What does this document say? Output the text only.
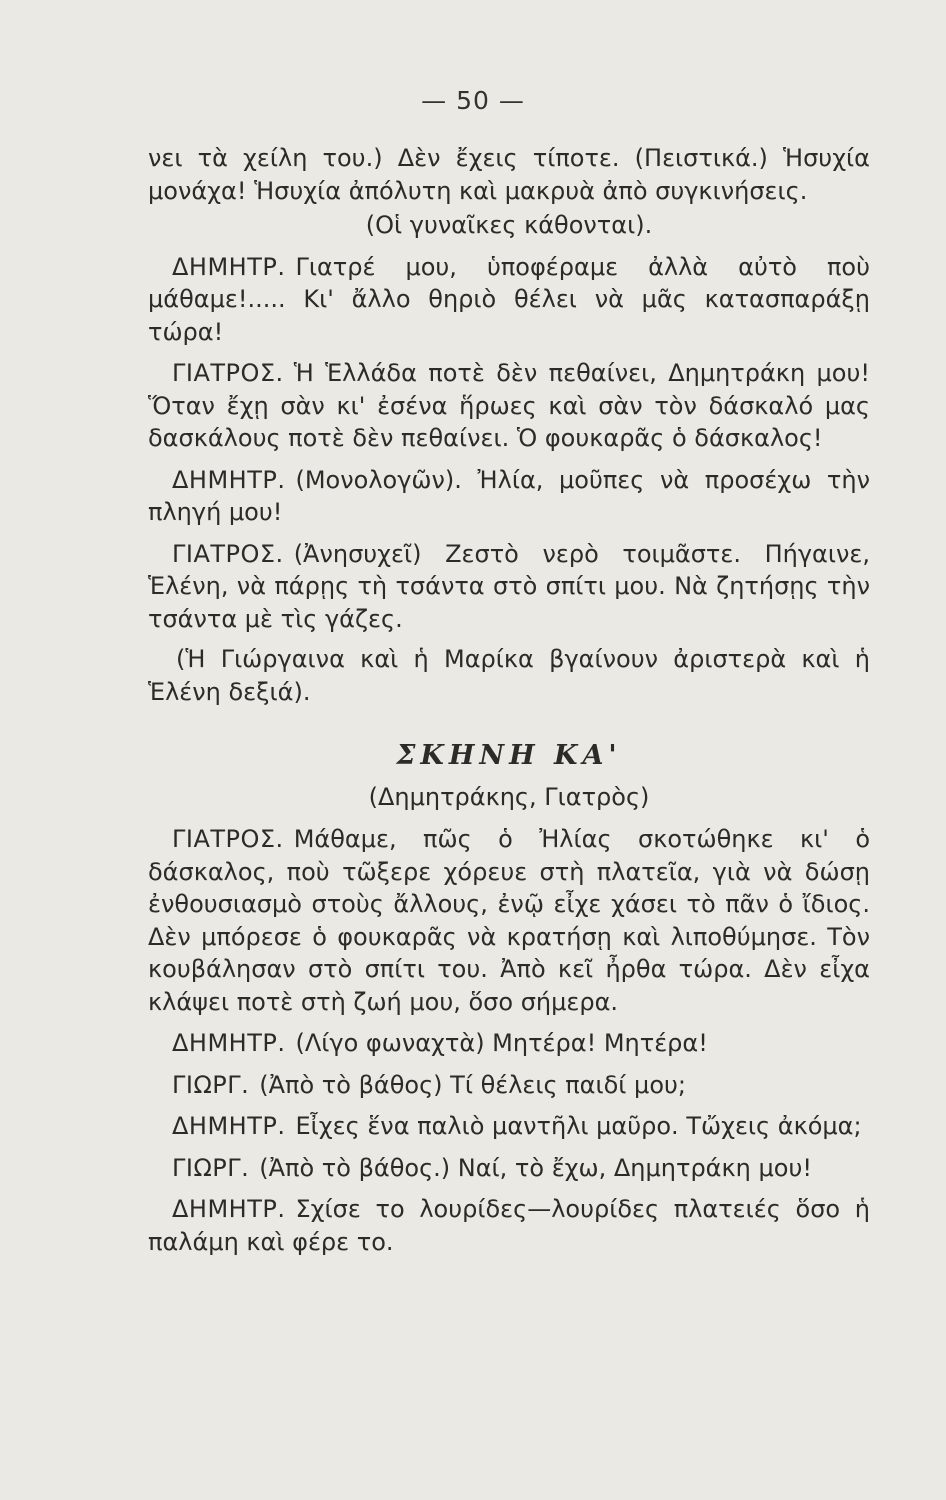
— 50 —

νει τὰ χείλη του.) Δὲν ἔχεις τίποτε. (Πειστικά.) Ἡσυχία μονάχα! Ἡσυχία ἀπόλυτη καὶ μακρυὰ ἀπὸ συγκινήσεις.

(Οἱ γυναῖκες κάθονται).

ΔΗΜΗΤΡ. Γιατρέ μου, ὑποφέραμε ἀλλὰ αὐτὸ ποὺ μάθαμε!..... Κι' ἄλλο θηριὸ θέλει νὰ μᾶς κατασπαράξῃ τώρα!

ΓΙΑΤΡΟΣ. Ἡ Ἑλλάδα ποτὲ δὲν πεθαίνει, Δημητράκη μου! Ὅταν ἔχῃ σὰν κι' ἐσένα ἥρωες καὶ σὰν τὸν δάσκαλό μας δασκάλους ποτὲ δὲν πεθαίνει. Ὁ φουκαρᾶς ὁ δάσκαλος!

ΔΗΜΗΤΡ. (Μονολογῶν). Ἠλία, μοῦπες νὰ προσέχω τὴν πληγή μου!

ΓΙΑΤΡΟΣ. (Ἀνησυχεῖ) Ζεστὸ νερὸ τοιμᾶστε. Πήγαινε, Ἑλένη, νὰ πάρῃς τὴ τσάντα στὸ σπίτι μου. Νὰ ζητήσῃς τὴν τσάντα μὲ τὶς γάζες.

(Ἡ Γιώργαινα καὶ ἡ Μαρίκα βγαίνουν ἀριστερὰ καὶ ἡ Ἑλένη δεξιά).

ΣΚΗΝΗ ΚΑ'

(Δημητράκης, Γιατρὸς)

ΓΙΑΤΡΟΣ. Μάθαμε, πῶς ὁ Ἠλίας σκοτώθηκε κι' ὁ δάσκαλος, ποὺ τῶξερε χόρευε στὴ πλατεῖα, γιὰ νὰ δώσῃ ἐνθουσιασμὸ στοὺς ἄλλους, ἐνῷ εἶχε χάσει τὸ πᾶν ὁ ἴδιος. Δὲν μπόρεσε ὁ φουκαρᾶς νὰ κρατήσῃ καὶ λιποθύμησε. Τὸν κουβάλησαν στὸ σπίτι του. Ἀπὸ κεῖ ἦρθα τώρα. Δὲν εἶχα κλάψει ποτὲ στὴ ζωή μου, ὅσο σήμερα.

ΔΗΜΗΤΡ. (Λίγο φωναχτὰ) Μητέρα! Μητέρα!

ΓΙΩΡΓ. (Ἀπὸ τὸ βάθος) Τί θέλεις παιδί μου;

ΔΗΜΗΤΡ. Εἶχες ἕνα παλιὸ μαντῆλι μαῦρο. Τὤχεις ἀκόμα;

ΓΙΩΡΓ. (Ἀπὸ τὸ βάθος.) Ναί, τὸ ἔχω, Δημητράκη μου!

ΔΗΜΗΤΡ. Σχίσε το λουρίδες—λουρίδες πλατειές ὅσο ἡ παλάμη καὶ φέρε το.
